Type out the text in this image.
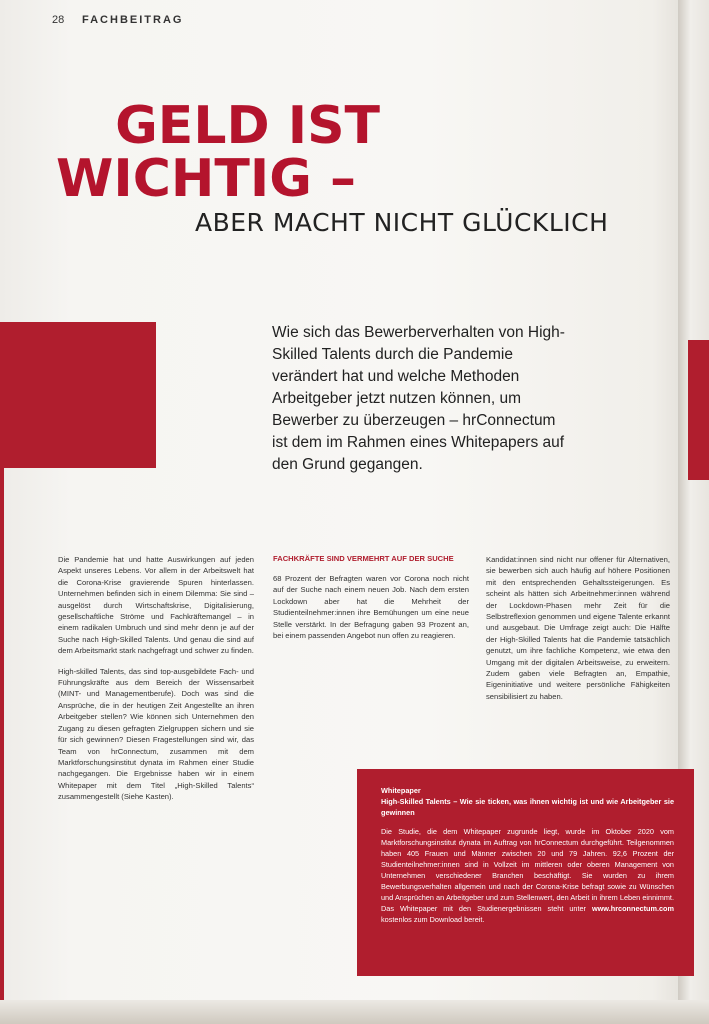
28 FACHBEITRAG
GELD IST
WICHTIG –
ABER MACHT NICHT GLÜCKLICH

Wie sich das Bewerberverhalten von High-Skilled Talents durch die Pandemie verändert hat und welche Methoden Arbeitgeber jetzt nutzen können, um Bewerber zu überzeugen – hrConnectum ist dem im Rahmen eines Whitepapers auf den Grund gegangen.

Die Pandemie hat und hatte Auswirkungen auf jeden Aspekt unseres Lebens. Vor allem in der Arbeitswelt hat die Corona-Krise gravierende Spuren hinterlassen. Unternehmen befinden sich in einem Dilemma: Sie sind – ausgelöst durch Wirtschaftskrise, Digitalisierung, gesellschaftliche Ströme und Fachkräftemangel – in einem radikalen Umbruch und sind mehr denn je auf der Suche nach High-Skilled Talents. Und genau die sind auf dem Arbeitsmarkt stark nachgefragt und schwer zu finden.

High-skilled Talents, das sind top-ausgebildete Fach- und Führungskräfte aus dem Bereich der Wissensarbeit (MINT- und Managementberufe). Doch was sind die Ansprüche, die in der heutigen Zeit Angestellte an ihren Arbeitgeber stellen? Wie können sich Unternehmen den Zugang zu diesen gefragten Zielgruppen sichern und sie für sich gewinnen? Diesen Fragestellungen sind wir, das Team von hrConnectum, zusammen mit dem Marktforschungsinstitut dynata im Rahmen einer Studie nachgegangen. Die Ergebnisse haben wir in einem Whitepaper mit dem Titel „High-Skilled Talents“ zusammengestellt (Siehe Kasten).

FACHKRÄFTE SIND VERMEHRT AUF DER SUCHE

68 Prozent der Befragten waren vor Corona noch nicht auf der Suche nach einem neuen Job. Nach dem ersten Lockdown aber hat die Mehrheit der Studienteilnehmer:innen ihre Bemühungen um eine neue Stelle verstärkt. In der Befragung gaben 93 Prozent an, bei einem passenden Angebot nun offen zu reagieren.

Kandidat:innen sind nicht nur offener für Alternativen, sie bewerben sich auch häufig auf höhere Positionen mit den entsprechenden Gehaltssteigerungen. Es scheint als hätten sich Arbeitnehmer:innen während der Lockdown-Phasen mehr Zeit für die Selbstreflexion genommen und eigene Talente erkannt und ausgebaut. Die Umfrage zeigt auch: Die Hälfte der High-Skilled Talents hat die Pandemie tatsächlich genutzt, um ihre fachliche Kompetenz, wie etwa den Umgang mit der digitalen Arbeitsweise, zu erweitern. Zudem gaben viele Befragten an, Empathie, Eigeninitiative und weitere persönliche Fähigkeiten sensibilisiert zu haben.

Whitepaper

High-Skilled Talents – Wie sie ticken, was ihnen wichtig ist und wie Arbeitgeber sie gewinnen

Die Studie, die dem Whitepaper zugrunde liegt, wurde im Oktober 2020 vom Marktforschungsinstitut dynata im Auftrag von hrConnectum durchgeführt. Teilgenommen haben 405 Frauen und Männer zwischen 20 und 79 Jahren. 92,6 Prozent der Studienteilnehmer:innen sind in Vollzeit im mittleren oder oberen Management von Unternehmen verschiedener Branchen beschäftigt. Sie wurden zu ihrem Bewerbungsverhalten allgemein und nach der Corona-Krise befragt sowie zu Wünschen und Ansprüchen an Arbeitgeber und zum Stellenwert, den Arbeit in ihrem Leben einnimmt. Das Whitepaper mit den Studienergebnissen steht unter www.hrconnectum.com kostenlos zum Download bereit.
